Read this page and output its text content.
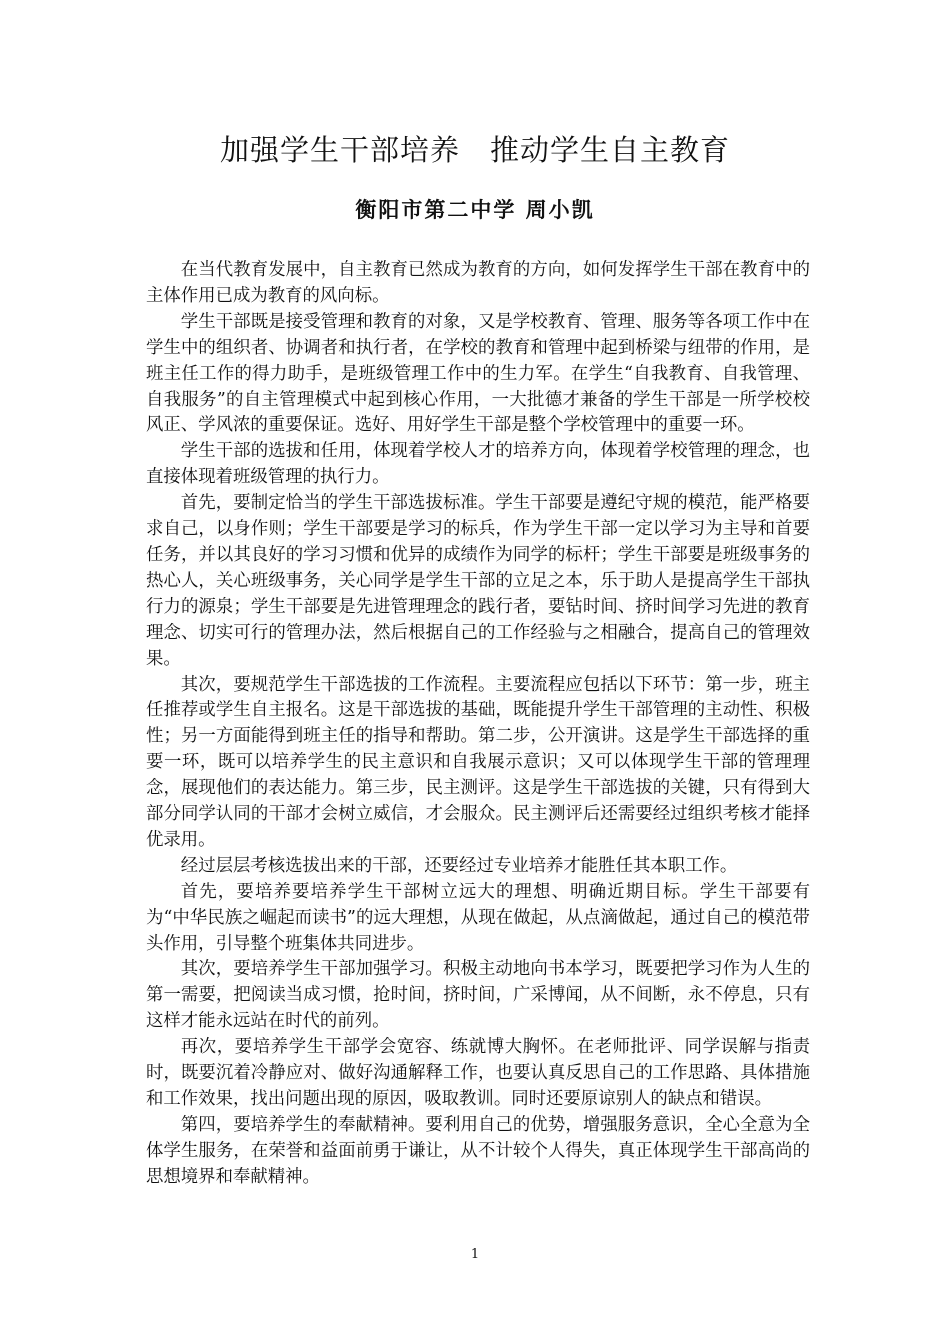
加强学生干部培养　推动学生自主教育
衡阳市第二中学 周小凯

在当代教育发展中，自主教育已然成为教育的方向，如何发挥学生干部在教育中的主体作用已成为教育的风向标。

学生干部既是接受管理和教育的对象，又是学校教育、管理、服务等各项工作中在学生中的组织者、协调者和执行者，在学校的教育和管理中起到桥梁与纽带的作用，是班主任工作的得力助手，是班级管理工作中的生力军。在学生“自我教育、自我管理、自我服务”的自主管理模式中起到核心作用，一大批德才兼备的学生干部是一所学校校风正、学风浓的重要保证。选好、用好学生干部是整个学校管理中的重要一环。

学生干部的选拔和任用，体现着学校人才的培养方向，体现着学校管理的理念，也直接体现着班级管理的执行力。

首先，要制定恰当的学生干部选拔标准。学生干部要是遵纪守规的模范，能严格要求自己，以身作则；学生干部要是学习的标兵，作为学生干部一定以学习为主导和首要任务，并以其良好的学习习惯和优异的成绩作为同学的标杆；学生干部要是班级事务的热心人，关心班级事务，关心同学是学生干部的立足之本，乐于助人是提高学生干部执行力的源泉；学生干部要是先进管理理念的践行者，要钻时间、挤时间学习先进的教育理念、切实可行的管理办法，然后根据自己的工作经验与之相融合，提高自己的管理效果。

其次，要规范学生干部选拔的工作流程。主要流程应包括以下环节：第一步，班主任推荐或学生自主报名。这是干部选拔的基础，既能提升学生干部管理的主动性、积极性；另一方面能得到班主任的指导和帮助。第二步，公开演讲。这是学生干部选择的重要一环，既可以培养学生的民主意识和自我展示意识；又可以体现学生干部的管理理念，展现他们的表达能力。第三步，民主测评。这是学生干部选拔的关键，只有得到大部分同学认同的干部才会树立威信，才会服众。民主测评后还需要经过组织考核才能择优录用。

经过层层考核选拔出来的干部，还要经过专业培养才能胜任其本职工作。

首先，要培养要培养学生干部树立远大的理想、明确近期目标。学生干部要有为“中华民族之崛起而读书”的远大理想，从现在做起，从点滴做起，通过自己的模范带头作用，引导整个班集体共同进步。

其次，要培养学生干部加强学习。积极主动地向书本学习，既要把学习作为人生的第一需要，把阅读当成习惯，抢时间，挤时间，广采博闻，从不间断，永不停息，只有这样才能永远站在时代的前列。

再次，要培养学生干部学会宽容、练就博大胸怀。在老师批评、同学误解与指责时，既要沉着冷静应对、做好沟通解释工作，也要认真反思自己的工作思路、具体措施和工作效果，找出问题出现的原因，吸取教训。同时还要原谅别人的缺点和错误。

第四，要培养学生的奉献精神。要利用自己的优势，增强服务意识，全心全意为全体学生服务，在荣誉和益面前勇于谦让，从不计较个人得失，真正体现学生干部高尚的思想境界和奉献精神。

1
